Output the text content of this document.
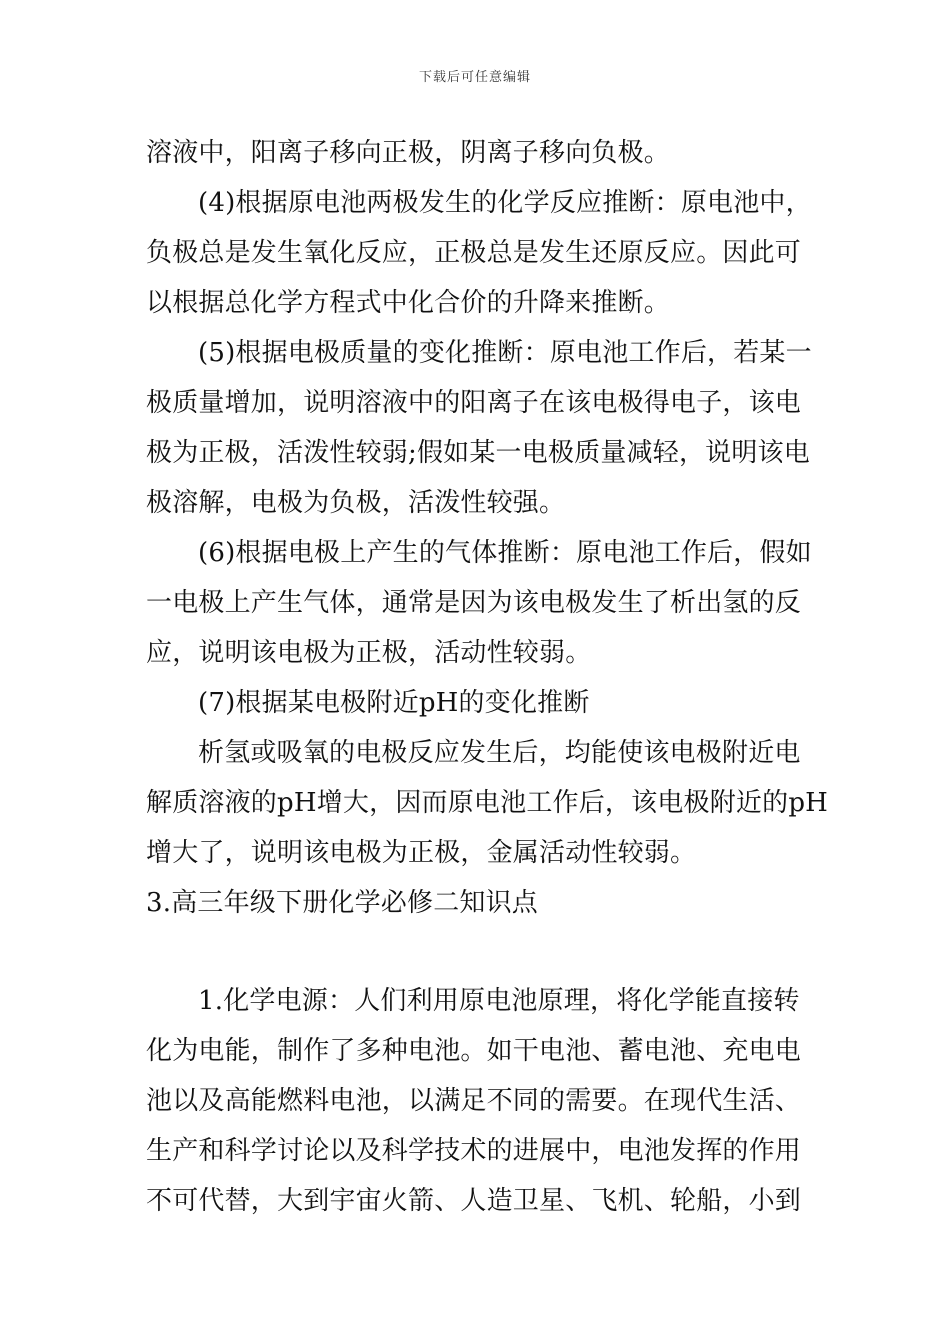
下载后可任意编辑
溶液中，阳离子移向正极，阴离子移向负极。
(4)根据原电池两极发生的化学反应推断：原电池中，
负极总是发生氧化反应，正极总是发生还原反应。因此可
以根据总化学方程式中化合价的升降来推断。
(5)根据电极质量的变化推断：原电池工作后，若某一
极质量增加，说明溶液中的阳离子在该电极得电子，该电
极为正极，活泼性较弱;假如某一电极质量减轻，说明该电
极溶解，电极为负极，活泼性较强。
(6)根据电极上产生的气体推断：原电池工作后，假如
一电极上产生气体，通常是因为该电极发生了析出氢的反
应，说明该电极为正极，活动性较弱。
(7)根据某电极附近pH的变化推断
析氢或吸氧的电极反应发生后，均能使该电极附近电
解质溶液的pH增大，因而原电池工作后，该电极附近的pH
增大了，说明该电极为正极，金属活动性较弱。
3.高三年级下册化学必修二知识点
1.化学电源：人们利用原电池原理，将化学能直接转
化为电能，制作了多种电池。如干电池、蓄电池、充电电
池以及高能燃料电池，以满足不同的需要。在现代生活、
生产和科学讨论以及科学技术的进展中，电池发挥的作用
不可代替，大到宇宙火箭、人造卫星、飞机、轮船，小到
